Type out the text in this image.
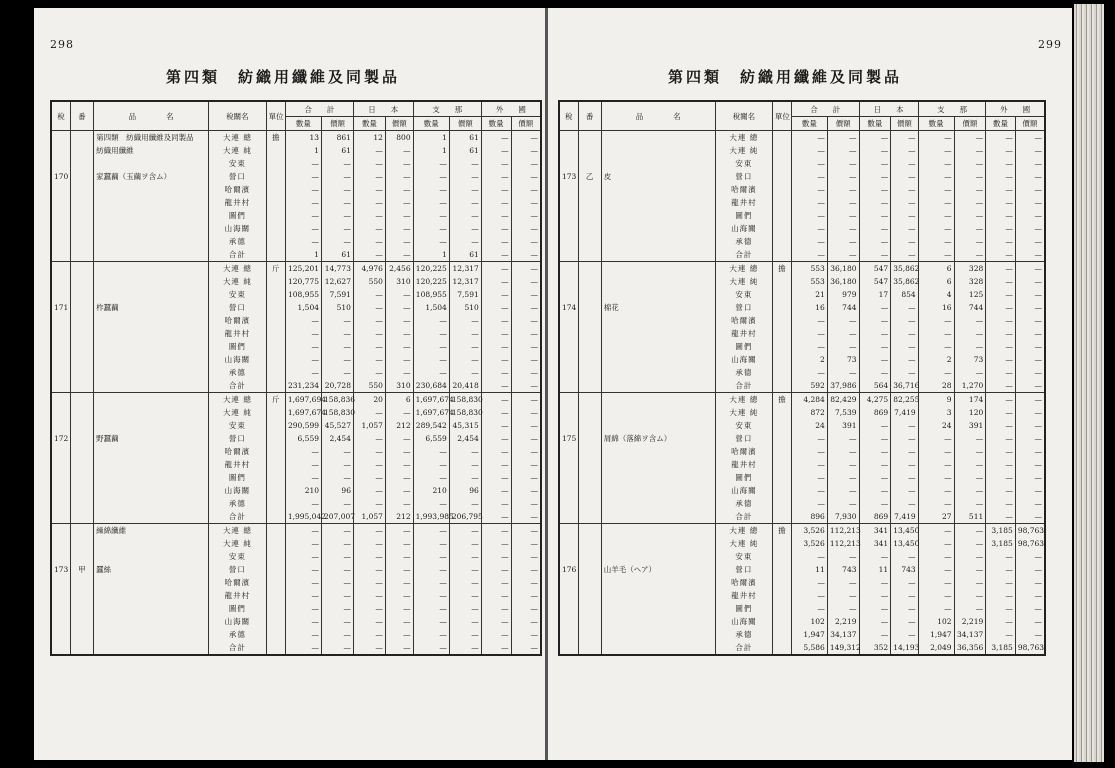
298
第四類　紡織用纖維及同製品
稅	番	品　　　　名	稅關名	單位	合　　計		日　　本		支　　那		外　　國	
					數量	價額	數量	價額	數量	價額	數量	價額
		第四類　紡織用纖維及同製品	大連 總	擔	13	861	12	800	1	61	—	—
		紡織用纖維	大連 純		1	61	—	—	1	61	—	—
			安東		—	—	—	—	—	—	—	—
170		家蠶繭（玉繭ヲ含ム）	營口		—	—	—	—	—	—	—	—
			哈爾濱		—	—	—	—	—	—	—	—
			龍井村		—	—	—	—	—	—	—	—
			圖們		—	—	—	—	—	—	—	—
			山海關		—	—	—	—	—	—	—	—
			承德		—	—	—	—	—	—	—	—
			合計		1	61	—	—	1	61	—	—
			大連 總	斤	125,201	14,773	4,976	2,456	120,225	12,317	—	—
			大連 純		120,775	12,627	550	310	120,225	12,317	—	—
			安東		108,955	7,591	—	—	108,955	7,591	—	—
171		柞蠶繭	營口		1,504	510	—	—	1,504	510	—	—
			哈爾濱		—	—	—	—	—	—	—	—
			龍井村		—	—	—	—	—	—	—	—
			圖們		—	—	—	—	—	—	—	—
			山海關		—	—	—	—	—	—	—	—
			承德		—	—	—	—	—	—	—	—
			合計		231,234	20,728	550	310	230,684	20,418	—	—
			大連 總	斤	1,697,694	158,836	20	6	1,697,674	158,830	—	—
			大連 純		1,697,674	158,830	—	—	1,697,674	158,830	—	—
			安東		290,599	45,527	1,057	212	289,542	45,315	—	—
172		野蠶繭	營口		6,559	2,454	—	—	6,559	2,454	—	—
			哈爾濱		—	—	—	—	—	—	—	—
			龍井村		—	—	—	—	—	—	—	—
			圖們		—	—	—	—	—	—	—	—
			山海關		210	96	—	—	210	96	—	—
			承德		—	—	—	—	—	—	—	—
			合計		1,995,042	207,007	1,057	212	1,993,985	206,795	—	—
		繰綿纖維	大連 總		—	—	—	—	—	—	—	—
			大連 純		—	—	—	—	—	—	—	—
			安東		—	—	—	—	—	—	—	—
173	甲	蠶絲	營口		—	—	—	—	—	—	—	—
			哈爾濱		—	—	—	—	—	—	—	—
			龍井村		—	—	—	—	—	—	—	—
			圖們		—	—	—	—	—	—	—	—
			山海關		—	—	—	—	—	—	—	—
			承德		—	—	—	—	—	—	—	—
			合計		—	—	—	—	—	—	—	—
299
第四類　紡織用纖維及同製品
稅	番	品　　　　名	稅關名	單位	合　　計		日　　本		支　　那		外　　國	
					數量	價額	數量	價額	數量	價額	數量	價額
			大連 總		—	—	—	—	—	—	—	—
			大連 純		—	—	—	—	—	—	—	—
			安東		—	—	—	—	—	—	—	—
173	乙	皮	營口		—	—	—	—	—	—	—	—
			哈爾濱		—	—	—	—	—	—	—	—
			龍井村		—	—	—	—	—	—	—	—
			圖們		—	—	—	—	—	—	—	—
			山海關		—	—	—	—	—	—	—	—
			承德		—	—	—	—	—	—	—	—
			合計		—	—	—	—	—	—	—	—
			大連 總	擔	553	36,180	547	35,862	6	328	—	—
			大連 純		553	36,180	547	35,862	6	328	—	—
			安東		21	979	17	854	4	125	—	—
174		棉花	營口		16	744	—	—	16	744	—	—
			哈爾濱		—	—	—	—	—	—	—	—
			龍井村		—	—	—	—	—	—	—	—
			圖們		—	—	—	—	—	—	—	—
			山海關		2	73	—	—	2	73	—	—
			承德		—	—	—	—	—	—	—	—
			合計		592	37,986	564	36,716	28	1,270	—	—
			大連 總	擔	4,284	82,429	4,275	82,255	9	174	—	—
			大連 純		872	7,539	869	7,419	3	120	—	—
			安東		24	391	—	—	24	391	—	—
175		屑綿（落綿ヲ含ム）	營口		—	—	—	—	—	—	—	—
			哈爾濱		—	—	—	—	—	—	—	—
			龍井村		—	—	—	—	—	—	—	—
			圖們		—	—	—	—	—	—	—	—
			山海關		—	—	—	—	—	—	—	—
			承德		—	—	—	—	—	—	—	—
			合計		896	7,930	869	7,419	27	511	—	—
			大連 總	擔	3,526	112,213	341	13,450	—	—	3,185	98,763
			大連 純		3,526	112,213	341	13,450	—	—	3,185	98,763
			安東		—	—	—	—	—	—	—	—
176		山羊毛（ヘア）	營口		11	743	11	743	—	—	—	—
			哈爾濱		—	—	—	—	—	—	—	—
			龍井村		—	—	—	—	—	—	—	—
			圖們		—	—	—	—	—	—	—	—
			山海關		102	2,219	—	—	102	2,219	—	—
			承德		1,947	34,137	—	—	1,947	34,137	—	—
			合計		5,586	149,312	352	14,193	2,049	36,356	3,185	98,763
